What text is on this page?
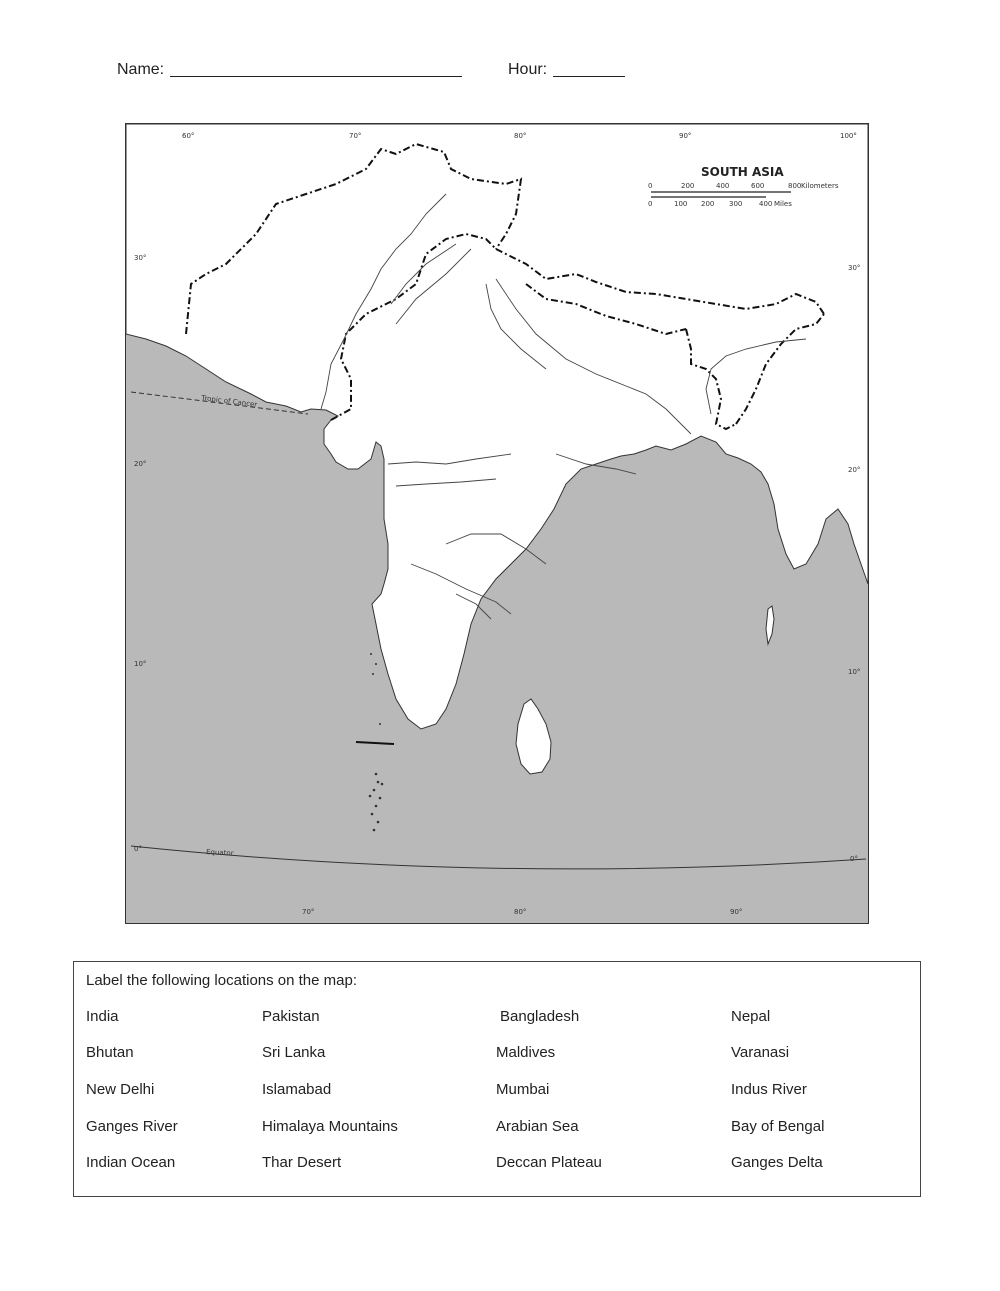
Name:	Hour:
SOUTH ASIA
0	200	400	600	800 Kilometers
0	100 200 300 400 Miles
60°	70°	80°	90°	100°
70°	80°	90°
30°
20°
10°
0°
30°
20°
10°
0°
Tropic of Cancer
Equator
Label the following locations on the map:
India	Pakistan	Bangladesh	Nepal
Bhutan	Sri Lanka	Maldives	Varanasi
New Delhi	Islamabad	Mumbai	Indus River
Ganges River	Himalaya Mountains	Arabian Sea	Bay of Bengal
Indian Ocean	Thar Desert	Deccan Plateau	Ganges Delta
